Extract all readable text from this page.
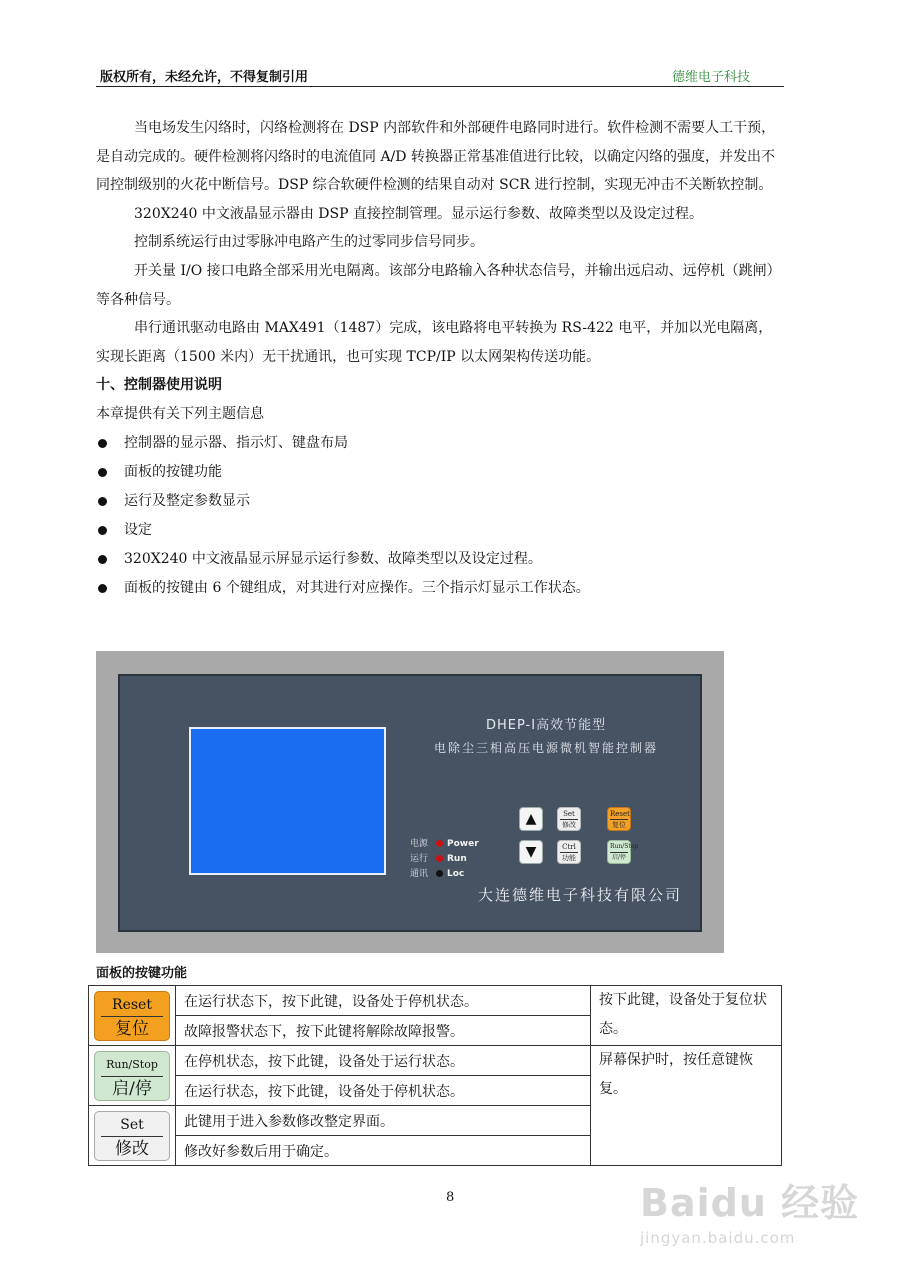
版权所有，未经允许，不得复制引用	德维电子科技

当电场发生闪络时，闪络检测将在 DSP 内部软件和外部硬件电路同时进行。软件检测不需要人工干预，是自动完成的。硬件检测将闪络时的电流值同 A/D 转换器正常基准值进行比较，以确定闪络的强度，并发出不同控制级别的火花中断信号。DSP 综合软硬件检测的结果自动对 SCR 进行控制，实现无冲击不关断软控制。

320X240 中文液晶显示器由 DSP 直接控制管理。显示运行参数、故障类型以及设定过程。

控制系统运行由过零脉冲电路产生的过零同步信号同步。

开关量 I/O 接口电路全部采用光电隔离。该部分电路输入各种状态信号，并输出远启动、远停机（跳闸）等各种信号。

串行通讯驱动电路由 MAX491（1487）完成，该电路将电平转换为 RS-422 电平，并加以光电隔离，实现长距离（1500 米内）无干扰通讯，也可实现 TCP/IP 以太网架构传送功能。

十、控制器使用说明

本章提供有关下列主题信息

控制器的显示器、指示灯、键盘布局
面板的按键功能
运行及整定参数显示
设定
320X240 中文液晶显示屏显示运行参数、故障类型以及设定过程。
面板的按键由 6 个键组成，对其进行对应操作。三个指示灯显示工作状态。
DHEP-Ⅰ高效节能型
电除尘三相高压电源微机智能控制器
电源 Power
运行 Run
通讯 Loc
▲
▼
Set
修改
Ctrl
功能
Reset
复位
Run/Stop
启/停
大连德维电子科技有限公司
面板的按键功能
Reset
复位	在运行状态下，按下此键，设备处于停机状态。	按下此键，设备处于复位状态。
	故障报警状态下，按下此键将解除故障报警。	

Run/Stop
启/停	在停机状态，按下此键，设备处于运行状态。	屏幕保护时，按任意键恢复。
	在运行状态，按下此键，设备处于停机状态。	

Set
修改	此键用于进入参数修改整定界面。	
	修改好参数后用于确定。	
8	Baidu 经验
jingyan.baidu.com
